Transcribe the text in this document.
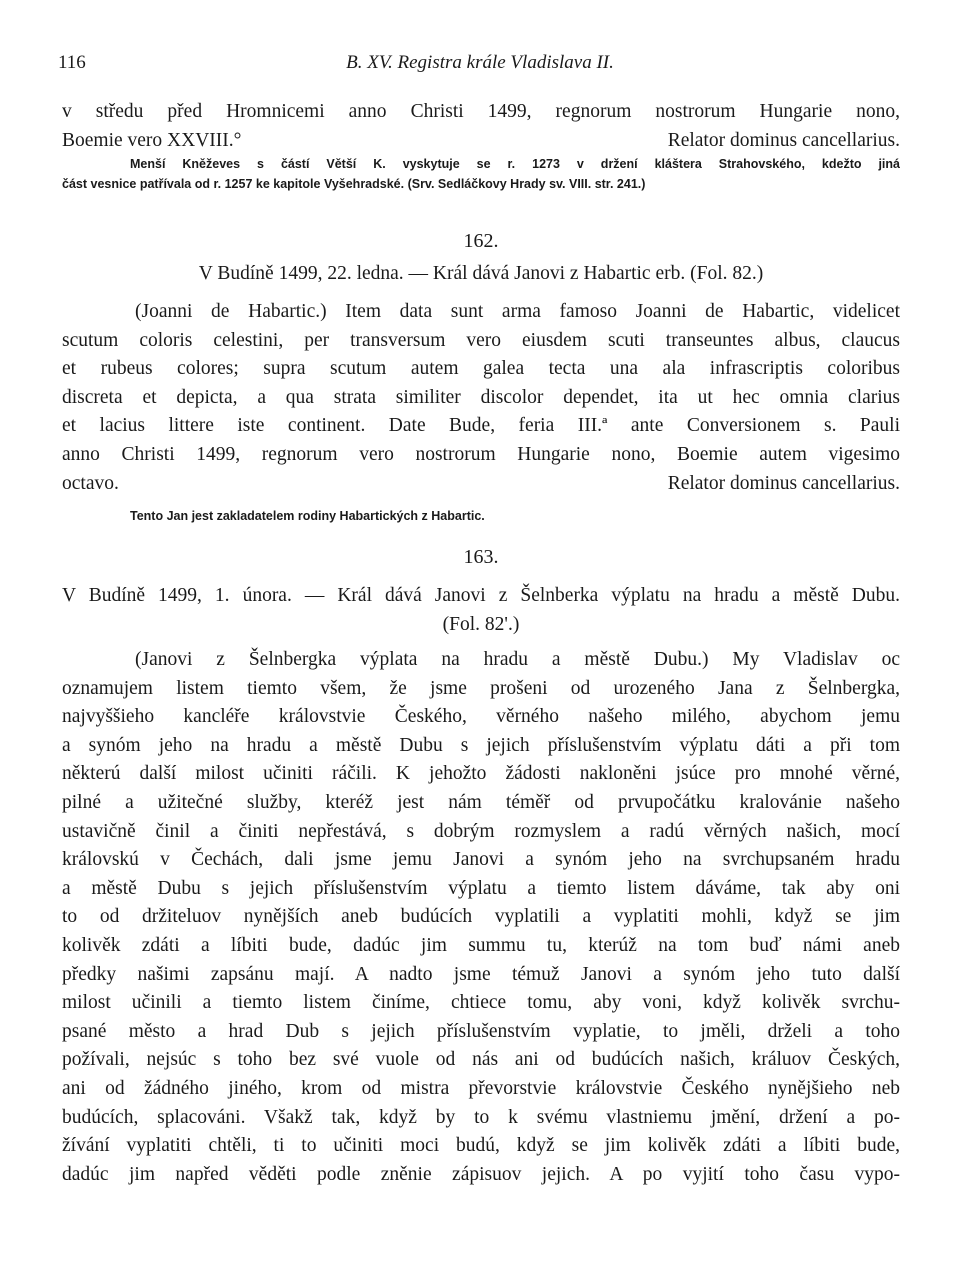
116	B. XV. Registra krále Vladislava II.
v středu před Hromnicemi anno Christi 1499, regnorum nostrorum Hungarie nono,
Boemie vero XXVIII.°	Relator dominus cancellarius.
Menší Kněževes s částí Větší K. vyskytuje se r. 1273 v držení kláštera Strahovského, kdežto jiná
část vesnice patřívala od r. 1257 ke kapitole Vyšehradské. (Srv. Sedláčkovy Hrady sv. VIII. str. 241.)
162.
V Budíně 1499, 22. ledna. — Král dává Janovi z Habartic erb. (Fol. 82.)
(Joanni de Habartic.) Item data sunt arma famoso Joanni de Habartic, videlicet
scutum coloris celestini, per transversum vero eiusdem scuti transeuntes albus, claucus
et rubeus colores; supra scutum autem galea tecta una ala infrascriptis coloribus
discreta et depicta, a qua strata similiter discolor dependet, ita ut hec omnia clarius
et lacius littere iste continent. Date Bude, feria III.ª ante Conversionem s. Pauli
anno Christi 1499, regnorum vero nostrorum Hungarie nono, Boemie autem vigesimo
octavo.	Relator dominus cancellarius.
Tento Jan jest zakladatelem rodiny Habartických z Habartic.
163.
V Budíně 1499, 1. února. — Král dává Janovi z Šelnberka výplatu na hradu a městě Dubu.
(Fol. 82'.)
(Janovi z Šelnbergka výplata na hradu a městě Dubu.) My Vladislav oc
oznamujem listem tiemto všem, že jsme prošeni od urozeného Jana z Šelnbergka,
najvyššieho kancléře královstvie Českého, věrného našeho milého, abychom jemu
a synóm jeho na hradu a městě Dubu s jejich příslušenstvím výplatu dáti a při tom
některú další milost učiniti ráčili. K jehožto žádosti nakloněni jsúce pro mnohé věrné,
pilné a užitečné služby, kteréž jest nám téměř od prvupočátku kralovánie našeho
ustavičně činil a činiti nepřestává, s dobrým rozmyslem a radú věrných našich, mocí
královskú v Čechách, dali jsme jemu Janovi a synóm jeho na svrchupsaném hradu
a městě Dubu s jejich příslušenstvím výplatu a tiemto listem dáváme, tak aby oni
to od držiteluov nynějších aneb budúcích vyplatili a vyplatiti mohli, když se jim
kolivěk zdáti a líbiti bude, dadúc jim summu tu, kterúž na tom buď námi aneb
předky našimi zapsánu mají. A nadto jsme témuž Janovi a synóm jeho tuto další
milost učinili a tiemto listem činíme, chtiece tomu, aby voni, když kolivěk svrchu-
psané město a hrad Dub s jejich příslušenstvím vyplatie, to jměli, drželi a toho
požívali, nejsúc s toho bez své vuole od nás ani od budúcích našich, králuov Českých,
ani od žádného jiného, krom od mistra převorstvie královstvie Českého nynějšieho neb
budúcích, splacováni. Všakž tak, když by to k svému vlastniemu jmění, držení a po-
žívání vyplatiti chtěli, ti to učiniti moci budú, když se jim kolivěk zdáti a líbiti bude,
dadúc jim napřed věděti podle zněnie zápisuov jejich. A po vyjití toho času vypo-
